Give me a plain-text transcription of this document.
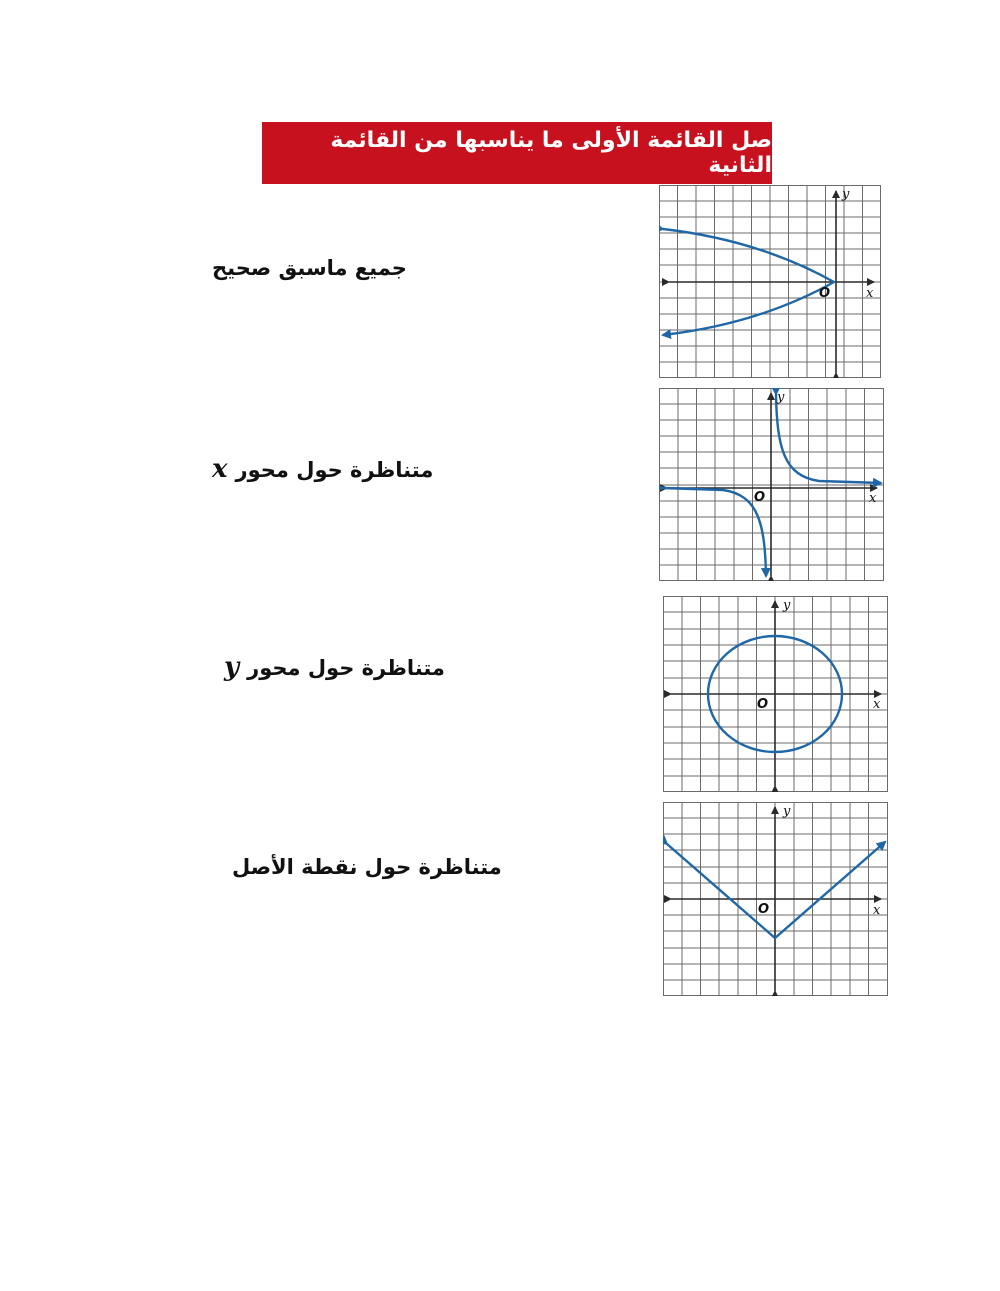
صل القائمة الأولى ما يناسبها من القائمة الثانية
جميع ماسبق صحيح
متناظرة حول محورx
متناظرة حول محورy
متناظرة حول نقطة الأصل
x
y
O
x
y
O
x
y
O
x
y
O
